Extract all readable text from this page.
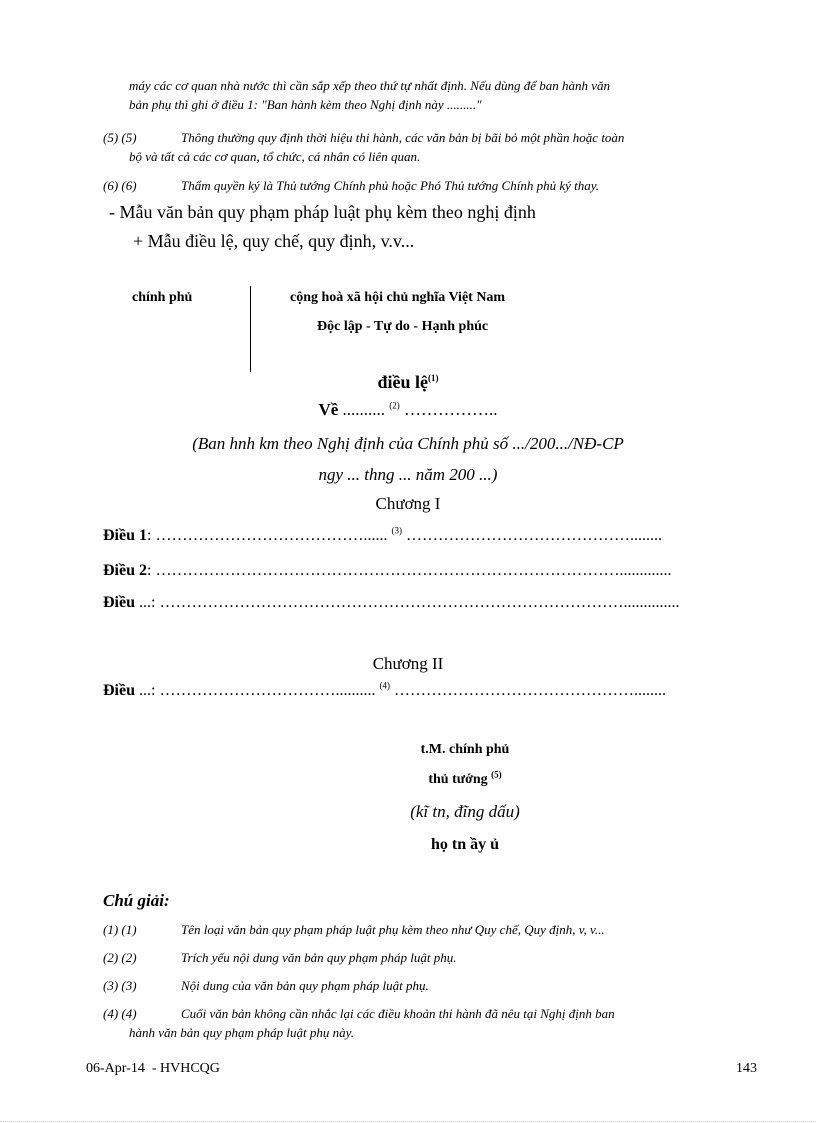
máy các cơ quan nhà nước thì cần sắp xếp theo thứ tự nhất định. Nếu dùng để ban hành văn
bản phụ thì ghi ở điều 1: "Ban hành kèm theo Nghị định này ........."
(5) (5)	Thông thường quy định thời hiệu thi hành, các văn bản bị bãi bỏ một phần hoặc toàn
bộ và tất cả các cơ quan, tổ chức, cá nhân có liên quan.
(6) (6)	Thẩm quyền ký là Thủ tướng Chính phủ hoặc Phó Thủ tướng Chính phủ ký thay.
- Mẫu văn bản quy phạm pháp luật phụ kèm theo nghị định
+ Mẫu điều lệ, quy chế, quy định, v.v...
chính phủ	cộng hoà xã hội chủ nghĩa Việt Nam
Độc lập - Tự do - Hạnh phúc
điều lệ$^{(1)}$
Về .......... $^{(2)}$ ……………..
(Ban hnh km theo Nghị định của Chính phủ số .../200.../NĐ-CP
ngy ... thng ... năm 200 ...)
Chương I
Điều 1: …………………………………...... $^{(3)}$ ……………………………………........
Điều 2: …………………………………………………………………………….............
Điều ...: ……………………………………………………………………………..............
Chương II
Điều ...: …………………………….......... $^{(4)}$ ………………………………………........
t.M. chính phủ
thủ tướng $^{(5)}$
(kĩ tn, đĩng dấu)
họ tn ầy ủ
Chú giải:
(1) (1)	Tên loại văn bản quy phạm pháp luật phụ kèm theo như Quy chế, Quy định, v, v...
(2) (2)	Trích yếu nội dung văn bản quy phạm pháp luật phụ.
(3) (3)	Nội dung của văn bản quy phạm pháp luật phụ.
(4) (4)	Cuối văn bản không cần nhắc lại các điều khoản thi hành đã nêu tại Nghị định ban
hành văn bản quy phạm pháp luật phụ này.
06-Apr-14 - HVHCQG	143
